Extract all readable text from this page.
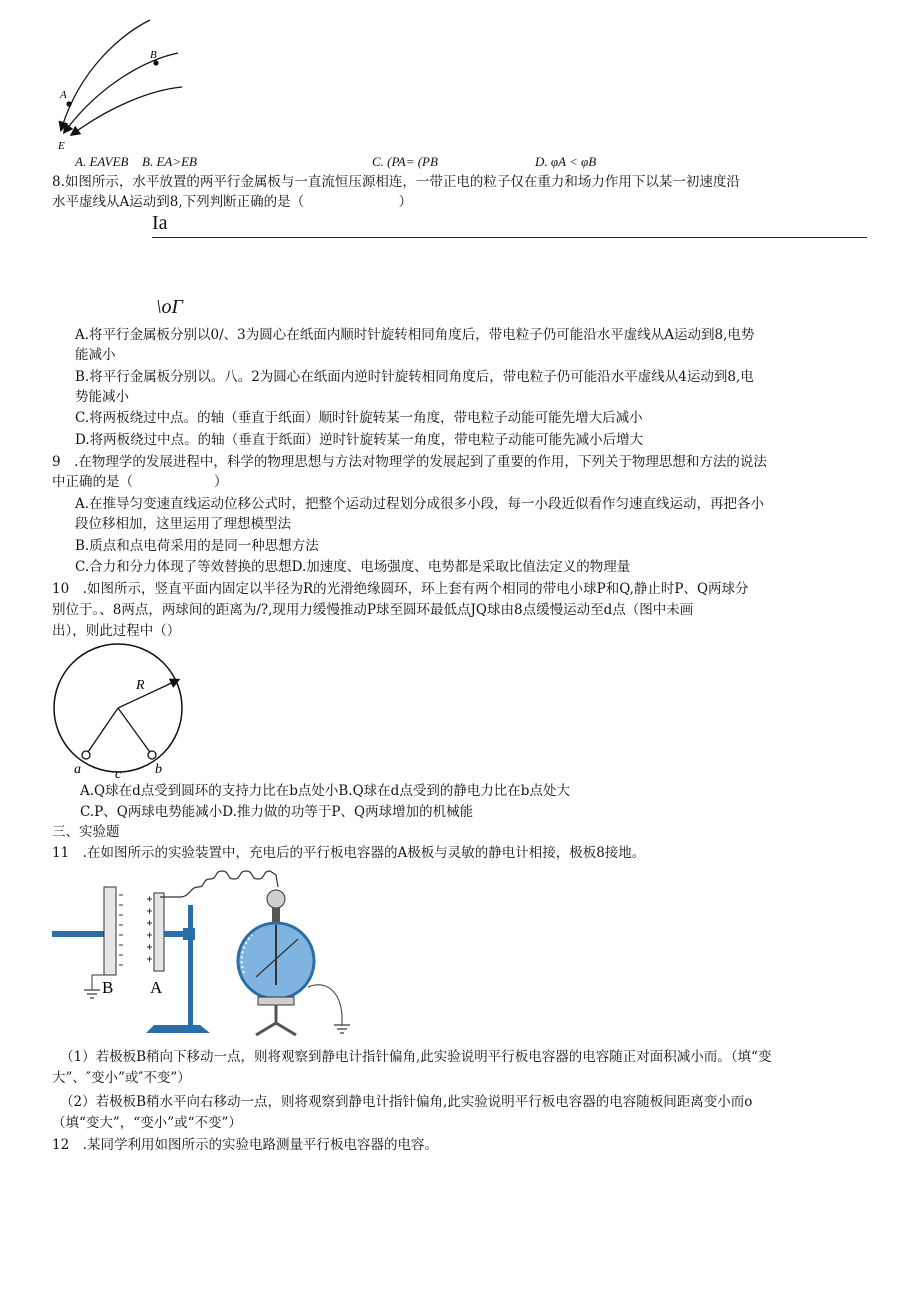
A
B
E
A. EAVEB B. EA>EB	C. (PA= (PB	D. φA < φB
8.如图所示，水平放置的两平行金属板与一直流恒压源相连，一带正电的粒子仅在重力和场力作用下以某一初速度沿
水平虚线从A运动到8,下列判断正确的是（　　　　　　　）
Ia
\oΓ
A.将平行金属板分别以0/、3为圆心在纸面内顺时针旋转相同角度后，带电粒子仍可能沿水平虚线从A运动到8,电势
能减小
B.将平行金属板分别以。八。2为圆心在纸面内逆时针旋转相同角度后，带电粒子仍可能沿水平虚线从4运动到8,电
势能减小
C.将两板绕过中点。的轴（垂直于纸面）顺时针旋转某一角度，带电粒子动能可能先增大后减小
D.将两板绕过中点。的轴（垂直于纸面）逆时针旋转某一角度，带电粒子动能可能先减小后增大
9　.在物理学的发展进程中，科学的物理思想与方法对物理学的发展起到了重要的作用，下列关于物理思想和方法的说法
中正确的是（　　　　　　）
A.在推导匀变速直线运动位移公式时，把整个运动过程划分成很多小段，每一小段近似看作匀速直线运动，再把各小
段位移相加，这里运用了理想模型法
B.质点和点电荷采用的是同一种思想方法
C.合力和分力体现了等效替换的思想D.加速度、电场强度、电势都是采取比值法定义的物理量
10　.如图所示，竖直平面内固定以半径为R的光滑绝缘圆环，环上套有两个相同的带电小球P和Q,静止时P、Q两球分
别位于。、8两点，两球间的距离为/?,现用力缓慢推动P球至圆环最低点JQ球由8点缓慢运动至d点（图中未画
出），则此过程中（）
R
a c b
A.Q球在d点受到圆环的支持力比在b点处小B.Q球在d点受到的静电力比在b点处大
C.P、Q两球电势能减小D.推力做的功等于P、Q两球增加的机械能
三、实验题
11　.在如图所示的实验装置中，充电后的平行板电容器的A极板与灵敏的静电计相接，极板8接地。
B A
（1）若极板B稍向下移动一点，则将观察到静电计指针偏角,此实验说明平行板电容器的电容随正对面积减小而。（填“变
大”、″变小”或″不变”）
（2）若极板B稍水平向右移动一点，则将观察到静电计指针偏角,此实验说明平行板电容器的电容随板间距离变小而o
（填“变大”，“变小”或“不变”）
12　.某同学利用如图所示的实验电路测量平行板电容器的电容。
